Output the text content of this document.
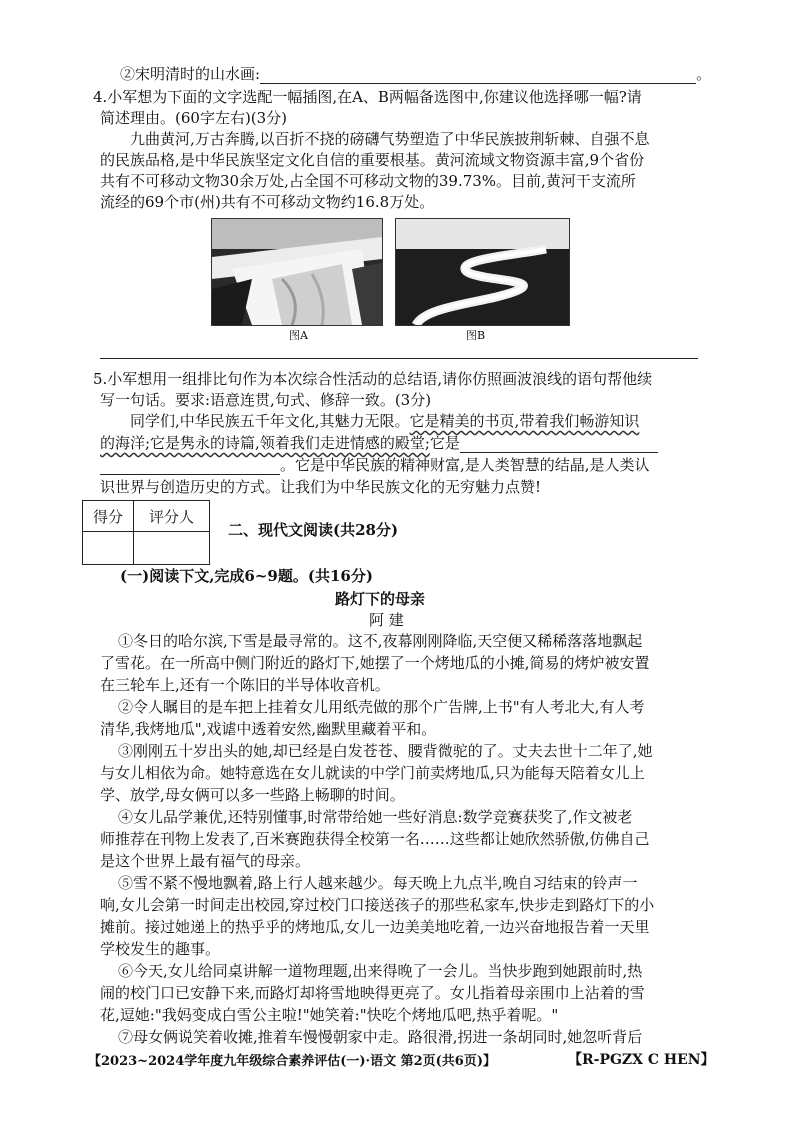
②宋明清时的山水画:	。
4.小军想为下面的文字选配一幅插图,在A、B两幅备选图中,你建议他选择哪一幅?请
简述理由。(60字左右)(3分)
九曲黄河,万古奔腾,以百折不挠的磅礴气势塑造了中华民族披荆斩棘、自强不息
的民族品格,是中华民族坚定文化自信的重要根基。黄河流域文物资源丰富,9个省份
共有不可移动文物30余万处,占全国不可移动文物的39.73%。目前,黄河干支流所
流经的69个市(州)共有不可移动文物约16.8万处。
图A	图B
5.小军想用一组排比句作为本次综合性活动的总结语,请你仿照画波浪线的语句帮他续
写一句话。要求:语意连贯,句式、修辞一致。(3分)
同学们,中华民族五千年文化,其魅力无限。它是精美的书页,带着我们畅游知识
的海洋;它是隽永的诗篇,领着我们走进情感的殿堂;它是
。它是中华民族的精神财富,是人类智慧的结晶,是人类认
识世界与创造历史的方式。让我们为中华民族文化的无穷魅力点赞!
得分	评分人

二、现代文阅读(共28分)
(一)阅读下文,完成6~9题。(共16分)
路灯下的母亲
阿 建
①冬日的哈尔滨,下雪是最寻常的。这不,夜幕刚刚降临,天空便又稀稀落落地飘起
了雪花。在一所高中侧门附近的路灯下,她摆了一个烤地瓜的小摊,简易的烤炉被安置
在三轮车上,还有一个陈旧的半导体收音机。
②令人瞩目的是车把上挂着女儿用纸壳做的那个广告牌,上书"有人考北大,有人考
清华,我烤地瓜",戏谑中透着安然,幽默里藏着平和。
③刚刚五十岁出头的她,却已经是白发苍苍、腰背微驼的了。丈夫去世十二年了,她
与女儿相依为命。她特意选在女儿就读的中学门前卖烤地瓜,只为能每天陪着女儿上
学、放学,母女俩可以多一些路上畅聊的时间。
④女儿品学兼优,还特别懂事,时常带给她一些好消息:数学竞赛获奖了,作文被老
师推荐在刊物上发表了,百米赛跑获得全校第一名……这些都让她欣然骄傲,仿佛自己
是这个世界上最有福气的母亲。
⑤雪不紧不慢地飘着,路上行人越来越少。每天晚上九点半,晚自习结束的铃声一
响,女儿会第一时间走出校园,穿过校门口接送孩子的那些私家车,快步走到路灯下的小
摊前。接过她递上的热乎乎的烤地瓜,女儿一边美美地吃着,一边兴奋地报告着一天里
学校发生的趣事。
⑥今天,女儿给同桌讲解一道物理题,出来得晚了一会儿。当快步跑到她跟前时,热
闹的校门口已安静下来,而路灯却将雪地映得更亮了。女儿指着母亲围巾上沾着的雪
花,逗她:"我妈变成白雪公主啦!"她笑着:"快吃个烤地瓜吧,热乎着呢。"
⑦母女俩说笑着收摊,推着车慢慢朝家中走。路很滑,拐进一条胡同时,她忽听背后
【2023~2024学年度九年级综合素养评估(一)·语文 第2页(共6页)】	【R-PGZX C HEN】
